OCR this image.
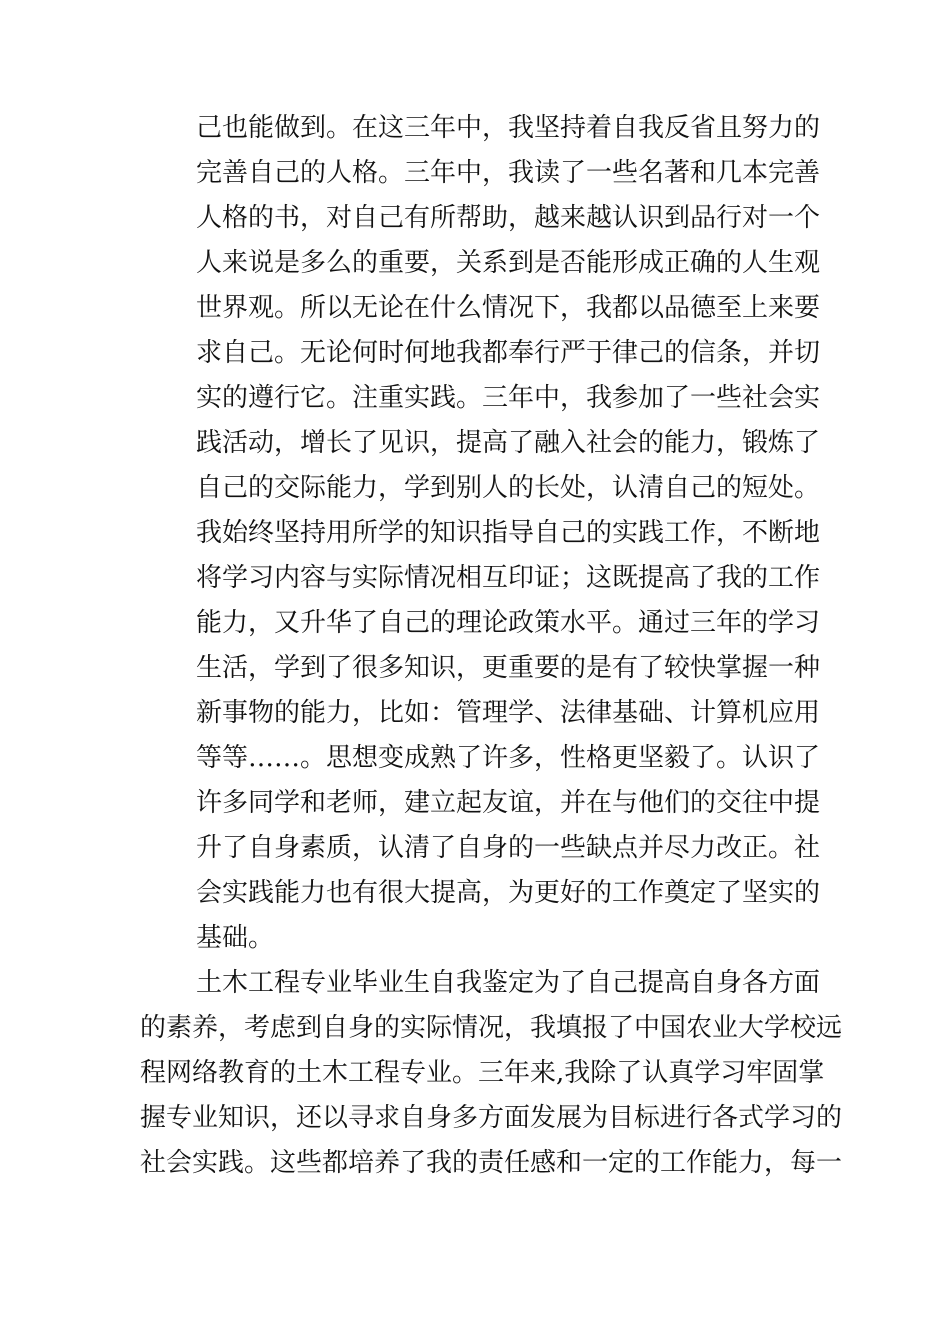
己也能做到。在这三年中，我坚持着自我反省且努力的
完善自己的人格。三年中，我读了一些名著和几本完善
人格的书，对自己有所帮助，越来越认识到品行对一个
人来说是多么的重要，关系到是否能形成正确的人生观
世界观。所以无论在什么情况下，我都以品德至上来要
求自己。无论何时何地我都奉行严于律己的信条，并切
实的遵行它。注重实践。三年中，我参加了一些社会实
践活动，增长了见识，提高了融入社会的能力，锻炼了
自己的交际能力，学到别人的长处，认清自己的短处。
我始终坚持用所学的知识指导自己的实践工作，不断地
将学习内容与实际情况相互印证；这既提高了我的工作
能力，又升华了自己的理论政策水平。通过三年的学习
生活，学到了很多知识，更重要的是有了较快掌握一种
新事物的能力，比如：管理学、法律基础、计算机应用
等等……。思想变成熟了许多，性格更坚毅了。认识了
许多同学和老师，建立起友谊，并在与他们的交往中提
升了自身素质，认清了自身的一些缺点并尽力改正。社
会实践能力也有很大提高，为更好的工作奠定了坚实的
基础。
土木工程专业毕业生自我鉴定为了自己提高自身各方面
的素养，考虑到自身的实际情况，我填报了中国农业大学校远
程网络教育的土木工程专业。三年来,我除了认真学习牢固掌
握专业知识，还以寻求自身多方面发展为目标进行各式学习的
社会实践。这些都培养了我的责任感和一定的工作能力，每一
